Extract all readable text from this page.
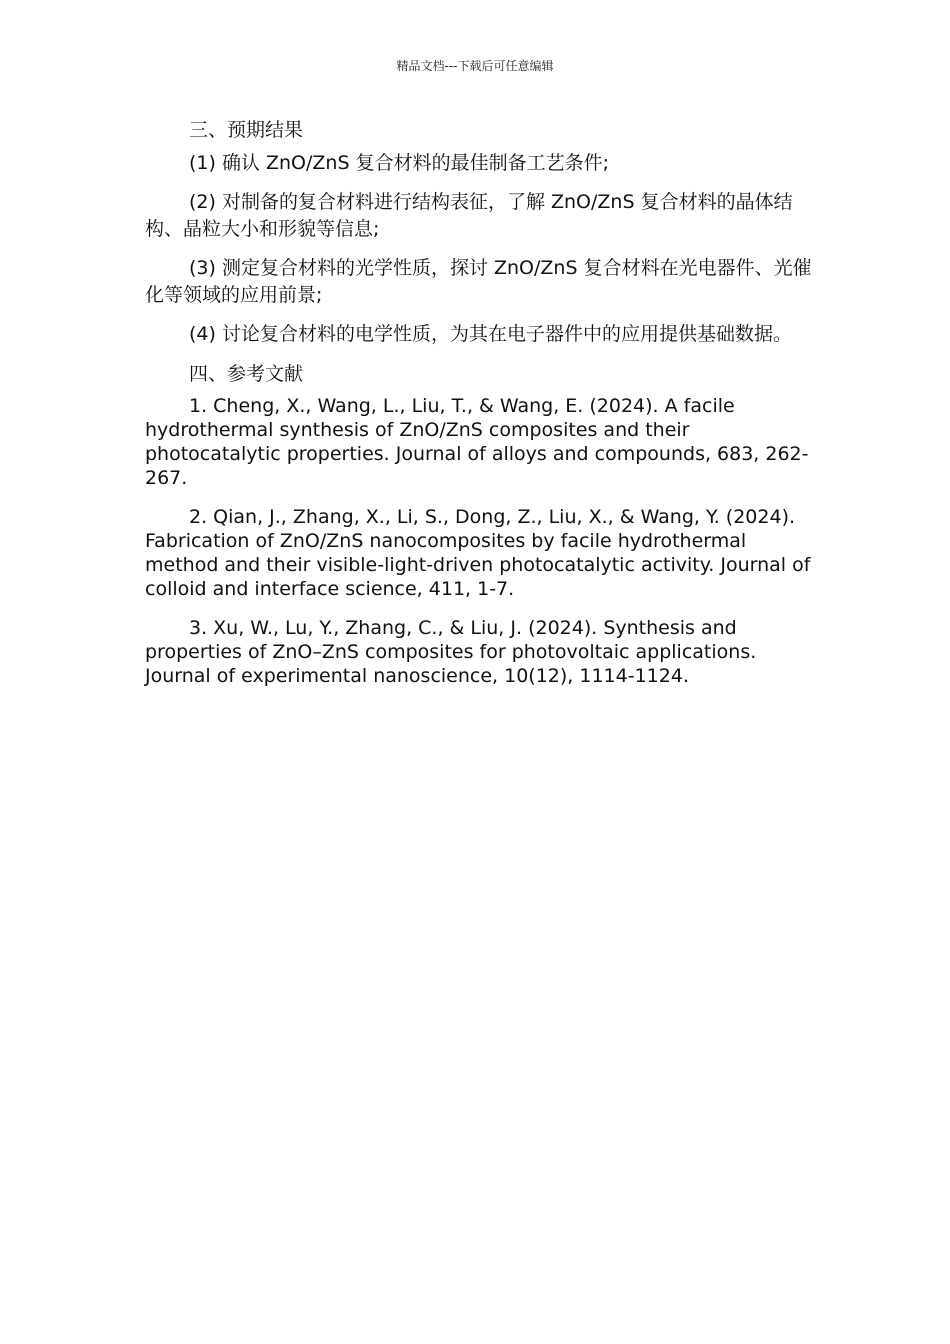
精品文档---下载后可任意编辑
三、预期结果

(1) 确认 ZnO/ZnS 复合材料的最佳制备工艺条件;

(2) 对制备的复合材料进行结构表征，了解 ZnO/ZnS 复合材料的晶体结构、晶粒大小和形貌等信息;

(3) 测定复合材料的光学性质，探讨 ZnO/ZnS 复合材料在光电器件、光催化等领域的应用前景;

(4) 讨论复合材料的电学性质，为其在电子器件中的应用提供基础数据。

四、参考文献

1. Cheng, X., Wang, L., Liu, T., & Wang, E. (2024). A facile hydrothermal synthesis of ZnO/ZnS composites and their photocatalytic properties. Journal of alloys and compounds, 683, 262-267.

2. Qian, J., Zhang, X., Li, S., Dong, Z., Liu, X., & Wang, Y. (2024). Fabrication of ZnO/ZnS nanocomposites by facile hydrothermal method and their visible-light-driven photocatalytic activity. Journal of colloid and interface science, 411, 1-7.

3. Xu, W., Lu, Y., Zhang, C., & Liu, J. (2024). Synthesis and properties of ZnO–ZnS composites for photovoltaic applications. Journal of experimental nanoscience, 10(12), 1114-1124.
